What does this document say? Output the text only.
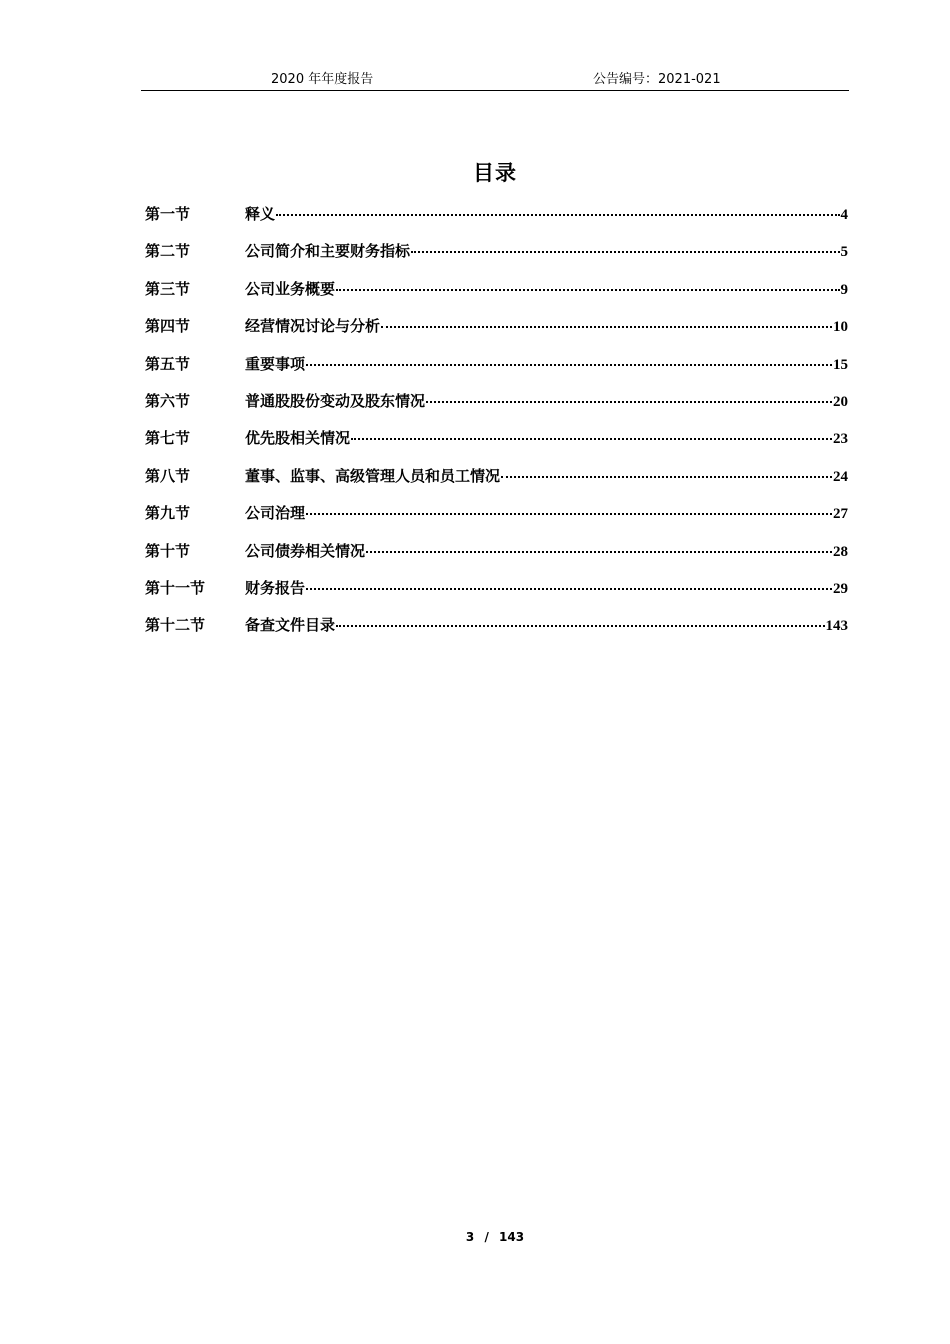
2020 年年度报告	公告编号：2021-021
目录
第一节	释义	4
第二节	公司简介和主要财务指标	5
第三节	公司业务概要	9
第四节	经营情况讨论与分析	10
第五节	重要事项	15
第六节	普通股股份变动及股东情况	20
第七节	优先股相关情况	23
第八节	董事、监事、高级管理人员和员工情况	24
第九节	公司治理	27
第十节	公司债券相关情况	28
第十一节	财务报告	29
第十二节	备查文件目录	143
3 / 143
